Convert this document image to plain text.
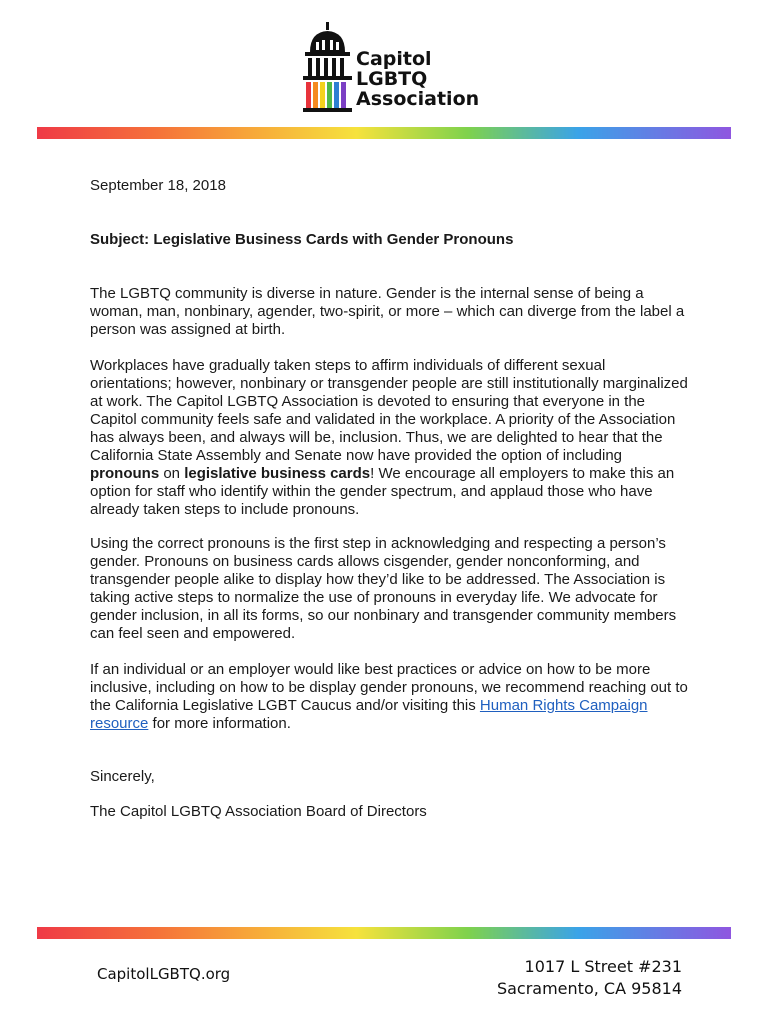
Capitol
LGBTQ
Association
September 18, 2018
Subject: Legislative Business Cards with Gender Pronouns

The LGBTQ community is diverse in nature. Gender is the internal sense of being a woman, man, nonbinary, agender, two-spirit, or more – which can diverge from the label a person was assigned at birth.

Workplaces have gradually taken steps to affirm individuals of different sexual orientations; however, nonbinary or transgender people are still institutionally marginalized at work. The Capitol LGBTQ Association is devoted to ensuring that everyone in the Capitol community feels safe and validated in the workplace. A priority of the Association has always been, and always will be, inclusion. Thus, we are delighted to hear that the California State Assembly and Senate now have provided the option of including pronouns on legislative business cards! We encourage all employers to make this an option for staff who identify within the gender spectrum, and applaud those who have already taken steps to include pronouns.

Using the correct pronouns is the first step in acknowledging and respecting a person’s gender. Pronouns on business cards allows cisgender, gender nonconforming, and transgender people alike to display how they’d like to be addressed. The Association is taking active steps to normalize the use of pronouns in everyday life. We advocate for gender inclusion, in all its forms, so our nonbinary and transgender community members can feel seen and empowered.

If an individual or an employer would like best practices or advice on how to be more inclusive, including on how to be display gender pronouns, we recommend reaching out to the California Legislative LGBT Caucus and/or visiting this Human Rights Campaign resource for more information.

Sincerely,
The Capitol LGBTQ Association Board of Directors
CapitolLGBTQ.org	1017 L Street #231
Sacramento, CA 95814
